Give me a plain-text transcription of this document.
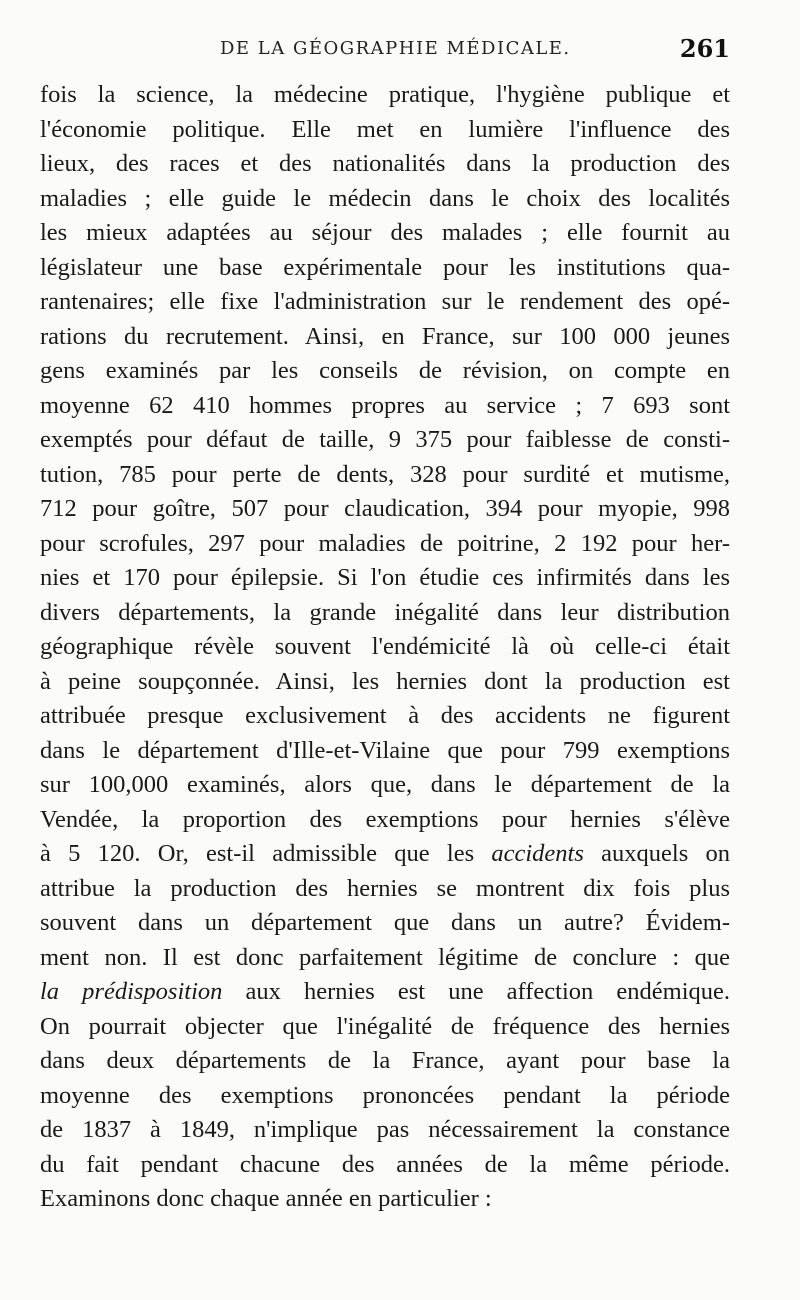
DE LA GÉOGRAPHIE MÉDICALE.	261
fois la science, la médecine pratique, l'hygiène publique et
l'économie politique. Elle met en lumière l'influence des
lieux, des races et des nationalités dans la production des
maladies ; elle guide le médecin dans le choix des localités
les mieux adaptées au séjour des malades ; elle fournit au
législateur une base expérimentale pour les institutions qua-
rantenaires; elle fixe l'administration sur le rendement des opé-
rations du recrutement. Ainsi, en France, sur 100 000 jeunes
gens examinés par les conseils de révision, on compte en
moyenne 62 410 hommes propres au service ; 7 693 sont
exemptés pour défaut de taille, 9 375 pour faiblesse de consti-
tution, 785 pour perte de dents, 328 pour surdité et mutisme,
712 pour goître, 507 pour claudication, 394 pour myopie, 998
pour scrofules, 297 pour maladies de poitrine, 2 192 pour her-
nies et 170 pour épilepsie. Si l'on étudie ces infirmités dans les
divers départements, la grande inégalité dans leur distribution
géographique révèle souvent l'endémicité là où celle-ci était
à peine soupçonnée. Ainsi, les hernies dont la production est
attribuée presque exclusivement à des accidents ne figurent
dans le département d'Ille-et-Vilaine que pour 799 exemptions
sur 100,000 examinés, alors que, dans le département de la
Vendée, la proportion des exemptions pour hernies s'élève
à 5 120. Or, est-il admissible que les accidents auxquels on
attribue la production des hernies se montrent dix fois plus
souvent dans un département que dans un autre? Évidem-
ment non. Il est donc parfaitement légitime de conclure : que
la prédisposition aux hernies est une affection endémique.
On pourrait objecter que l'inégalité de fréquence des hernies
dans deux départements de la France, ayant pour base la
moyenne des exemptions prononcées pendant la période
de 1837 à 1849, n'implique pas nécessairement la constance
du fait pendant chacune des années de la même période.
Examinons donc chaque année en particulier :
